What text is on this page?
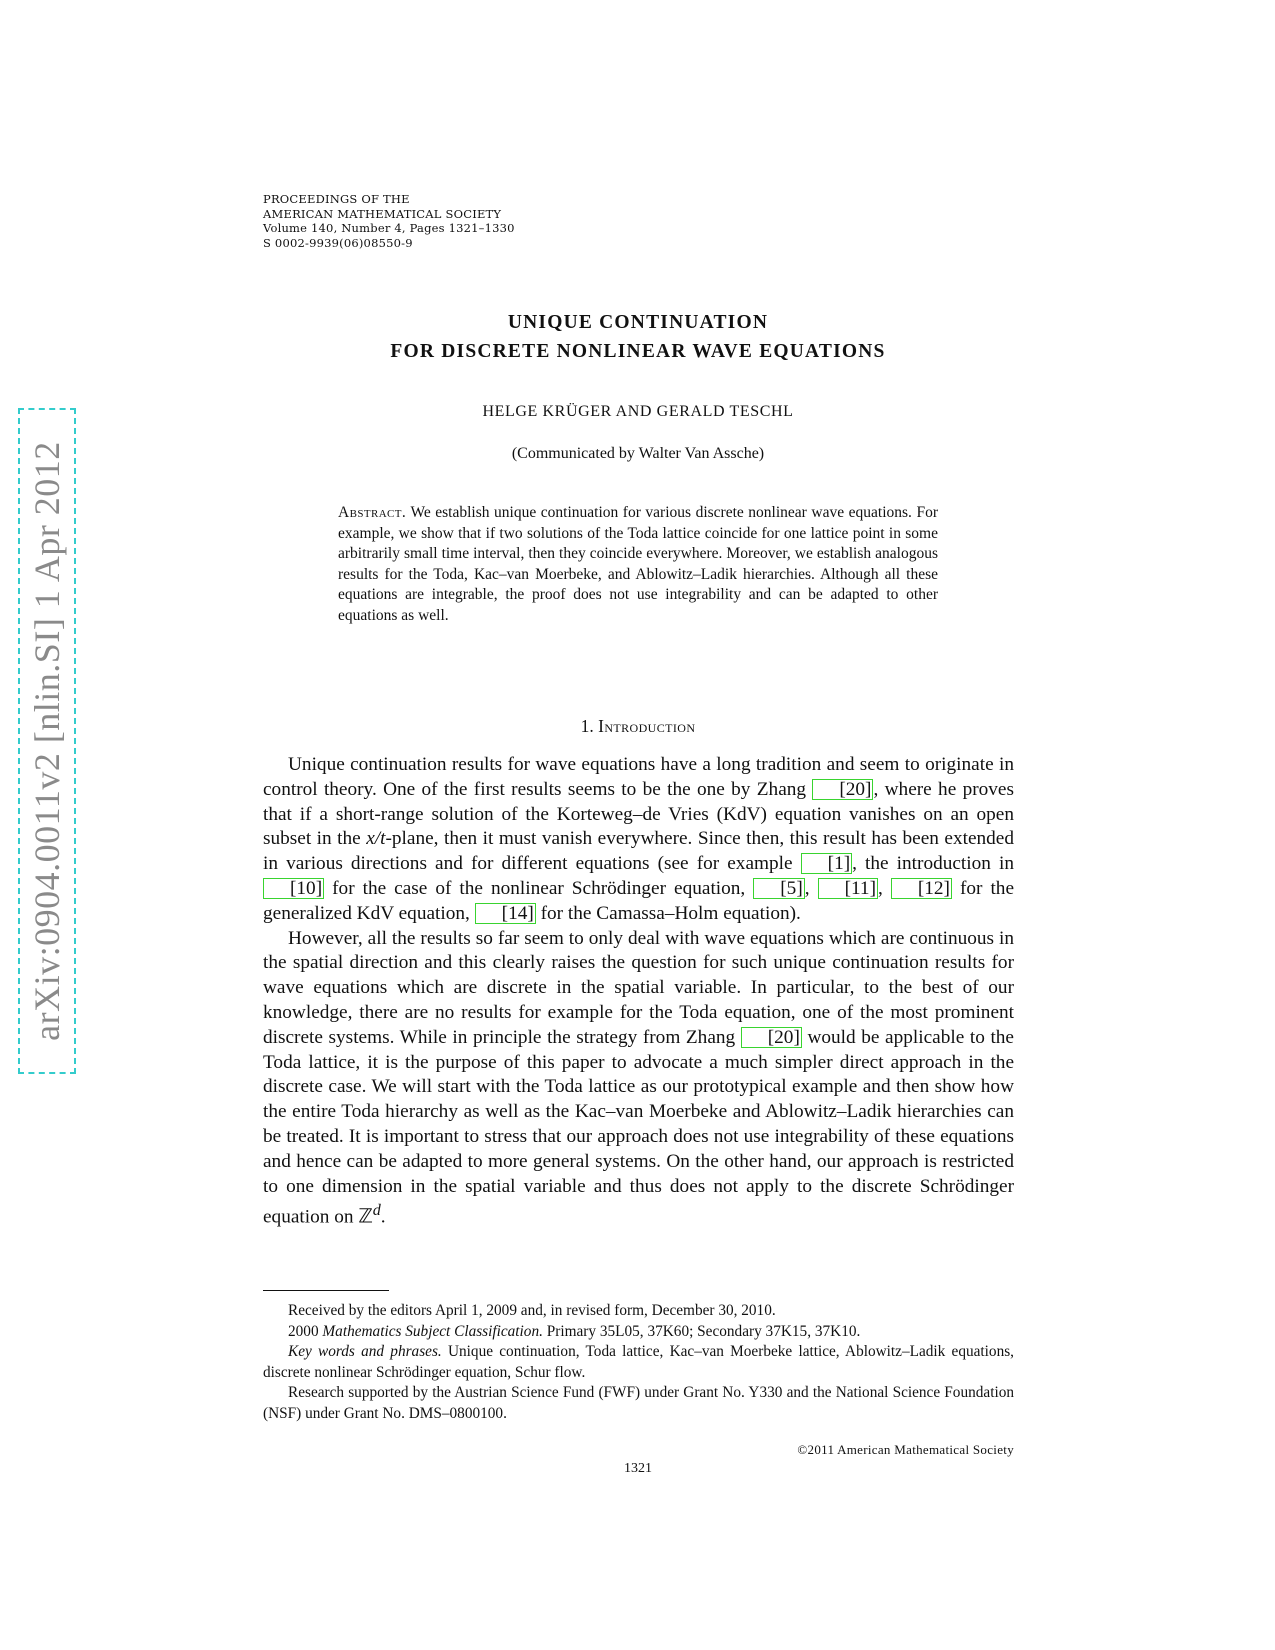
arXiv:0904.0011v2 [nlin.SI] 1 Apr 2012
PROCEEDINGS OF THE
AMERICAN MATHEMATICAL SOCIETY
Volume 140, Number 4, Pages 1321–1330
S 0002-9939(06)08550-9
UNIQUE CONTINUATION
FOR DISCRETE NONLINEAR WAVE EQUATIONS
HELGE KRÜGER AND GERALD TESCHL
(Communicated by Walter Van Assche)
Abstract. We establish unique continuation for various discrete nonlinear wave equations. For example, we show that if two solutions of the Toda lattice coincide for one lattice point in some arbitrarily small time interval, then they coincide everywhere. Moreover, we establish analogous results for the Toda, Kac–van Moerbeke, and Ablowitz–Ladik hierarchies. Although all these equations are integrable, the proof does not use integrability and can be adapted to other equations as well.
1. Introduction

Unique continuation results for wave equations have a long tradition and seem to originate in control theory. One of the first results seems to be the one by Zhang [20] , where he proves that if a short-range solution of the Korteweg–de Vries (KdV) equation vanishes on an open subset in the x/t-plane, then it must vanish everywhere. Since then, this result has been extended in various directions and for different equations (see for example [1] , the introduction in [10] for the case of the nonlinear Schrödinger equation, [5] , [11] , [12] for the generalized KdV equation, [14] for the Camassa–Holm equation).

However, all the results so far seem to only deal with wave equations which are continuous in the spatial direction and this clearly raises the question for such unique continuation results for wave equations which are discrete in the spatial variable. In particular, to the best of our knowledge, there are no results for example for the Toda equation, one of the most prominent discrete systems. While in principle the strategy from Zhang [20] would be applicable to the Toda lattice, it is the purpose of this paper to advocate a much simpler direct approach in the discrete case. We will start with the Toda lattice as our prototypical example and then show how the entire Toda hierarchy as well as the Kac–van Moerbeke and Ablowitz–Ladik hierarchies can be treated. It is important to stress that our approach does not use integrability of these equations and hence can be adapted to more general systems. On the other hand, our approach is restricted to one dimension in the spatial variable and thus does not apply to the discrete Schrödinger equation on ℤ$^d$.

Received by the editors April 1, 2009 and, in revised form, December 30, 2010.

2000 Mathematics Subject Classification. Primary 35L05, 37K60; Secondary 37K15, 37K10.

Key words and phrases. Unique continuation, Toda lattice, Kac–van Moerbeke lattice, Ablowitz–Ladik equations, discrete nonlinear Schrödinger equation, Schur flow.

Research supported by the Austrian Science Fund (FWF) under Grant No. Y330 and the National Science Foundation (NSF) under Grant No. DMS–0800100.

©2011 American Mathematical Society
1321
